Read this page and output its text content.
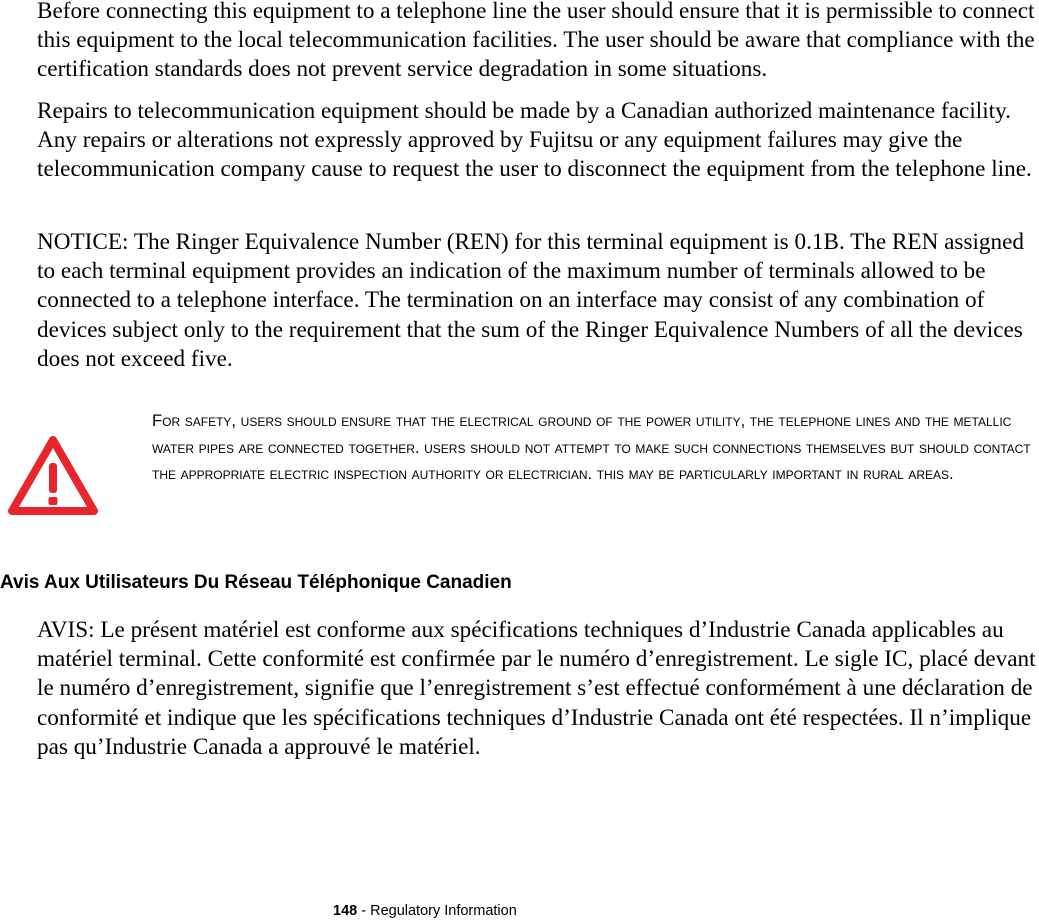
Before connecting this equipment to a telephone line the user should ensure that it is permissible to connect this equipment to the local telecommunication facilities. The user should be aware that compliance with the certification standards does not prevent service degradation in some situations.

Repairs to telecommunication equipment should be made by a Canadian authorized maintenance facility. Any repairs or alterations not expressly approved by Fujitsu or any equipment failures may give the telecommunication company cause to request the user to disconnect the equipment from the telephone line.

NOTICE: The Ringer Equivalence Number (REN) for this terminal equipment is 0.1B. The REN assigned to each terminal equipment provides an indication of the maximum number of terminals allowed to be connected to a telephone interface. The termination on an interface may consist of any combination of devices subject only to the requirement that the sum of the Ringer Equivalence Numbers of all the devices does not exceed five.

For safety, users should ensure that the electrical ground of the power utility, the telephone lines and the metallic water pipes are connected together. users should not attempt to make such connections themselves but should contact the appropriate electric inspection authority or electrician. this may be particularly important in rural areas.

Avis Aux Utilisateurs Du Réseau Téléphonique Canadien

AVIS: Le présent matériel est conforme aux spécifications techniques d’Industrie Canada applicables au matériel terminal. Cette conformité est confirmée par le numéro d’enregistrement. Le sigle IC, placé devant le numéro d’enregistrement, signifie que l’enregistrement s’est effectué conformément à une déclaration de conformité et indique que les spécifications techniques d’Industrie Canada ont été respectées. Il n’implique pas qu’Industrie Canada a approuvé le matériel.

148 - Regulatory Information
